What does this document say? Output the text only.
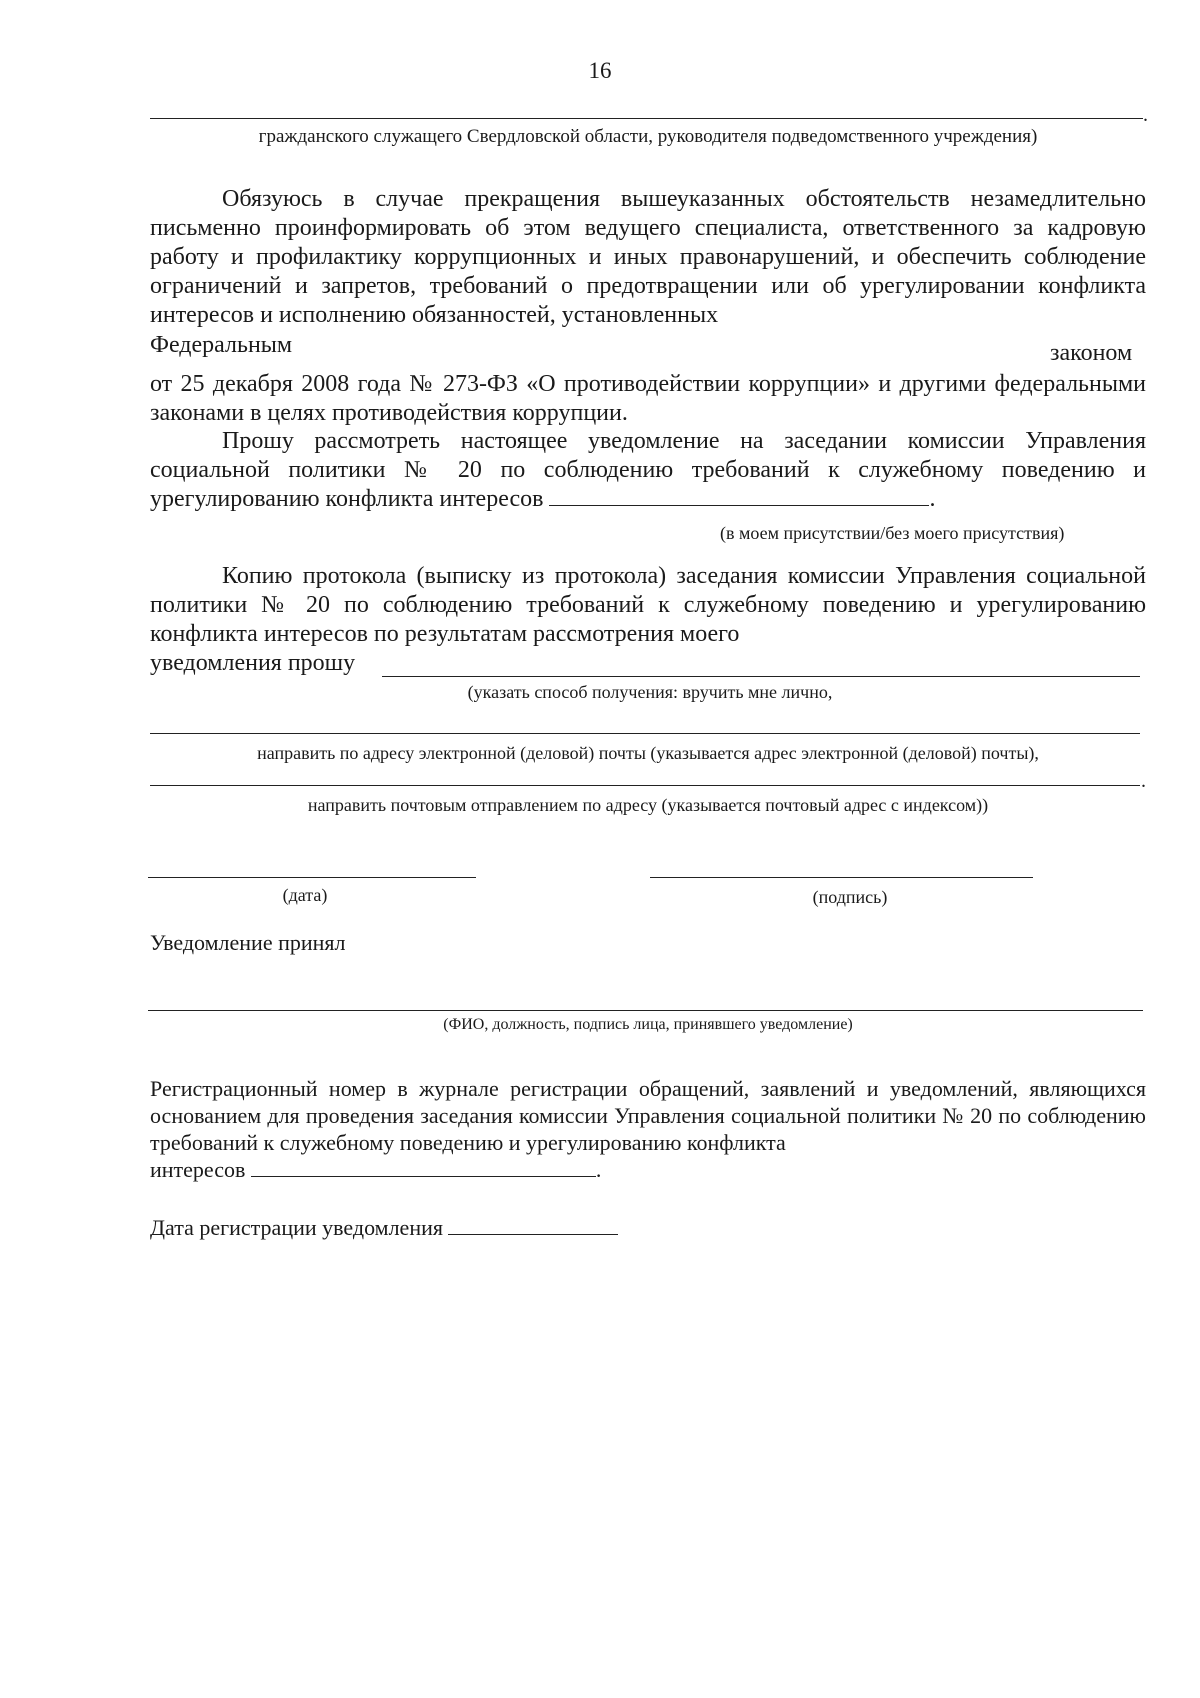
16
.
гражданского служащего Свердловской области, руководителя подведомственного учреждения)
Обязуюсь в случае прекращения вышеуказанных обстоятельств незамедлительно письменно проинформировать об этом ведущего специалиста, ответственного за кадровую работу и профилактику коррупционных и иных правонарушений, и обеспечить соблюдение ограничений и запретов, требований о предотвращении или об урегулировании конфликта интересов и исполнению обязанностей, установленных
Федеральным	законом
от 25 декабря 2008 года № 273-ФЗ «О противодействии коррупции» и другими федеральными законами в целях противодействия коррупции.
Прошу рассмотреть настоящее уведомление на заседании комиссии Управления социальной политики № 20 по соблюдению требований к служебному поведению и урегулированию конфликта интересов	.
(в моем присутствии/без моего присутствия)
Копию протокола (выписку из протокола) заседания комиссии Управления социальной политики № 20 по соблюдению требований к служебному поведению и урегулированию конфликта интересов по результатам рассмотрения моего
уведомления прошу
(указать способ получения: вручить мне лично,
направить по адресу электронной (деловой) почты (указывается адрес электронной (деловой) почты),
.
направить почтовым отправлением по адресу (указывается почтовый адрес с индексом))
(дата)	(подпись)
Уведомление принял
(ФИО, должность, подпись лица, принявшего уведомление)
Регистрационный номер в журнале регистрации обращений, заявлений и уведомлений, являющихся основанием для проведения заседания комиссии Управления социальной политики № 20 по соблюдению требований к служебному поведению и урегулированию конфликта
интересов	.
Дата регистрации уведомления
